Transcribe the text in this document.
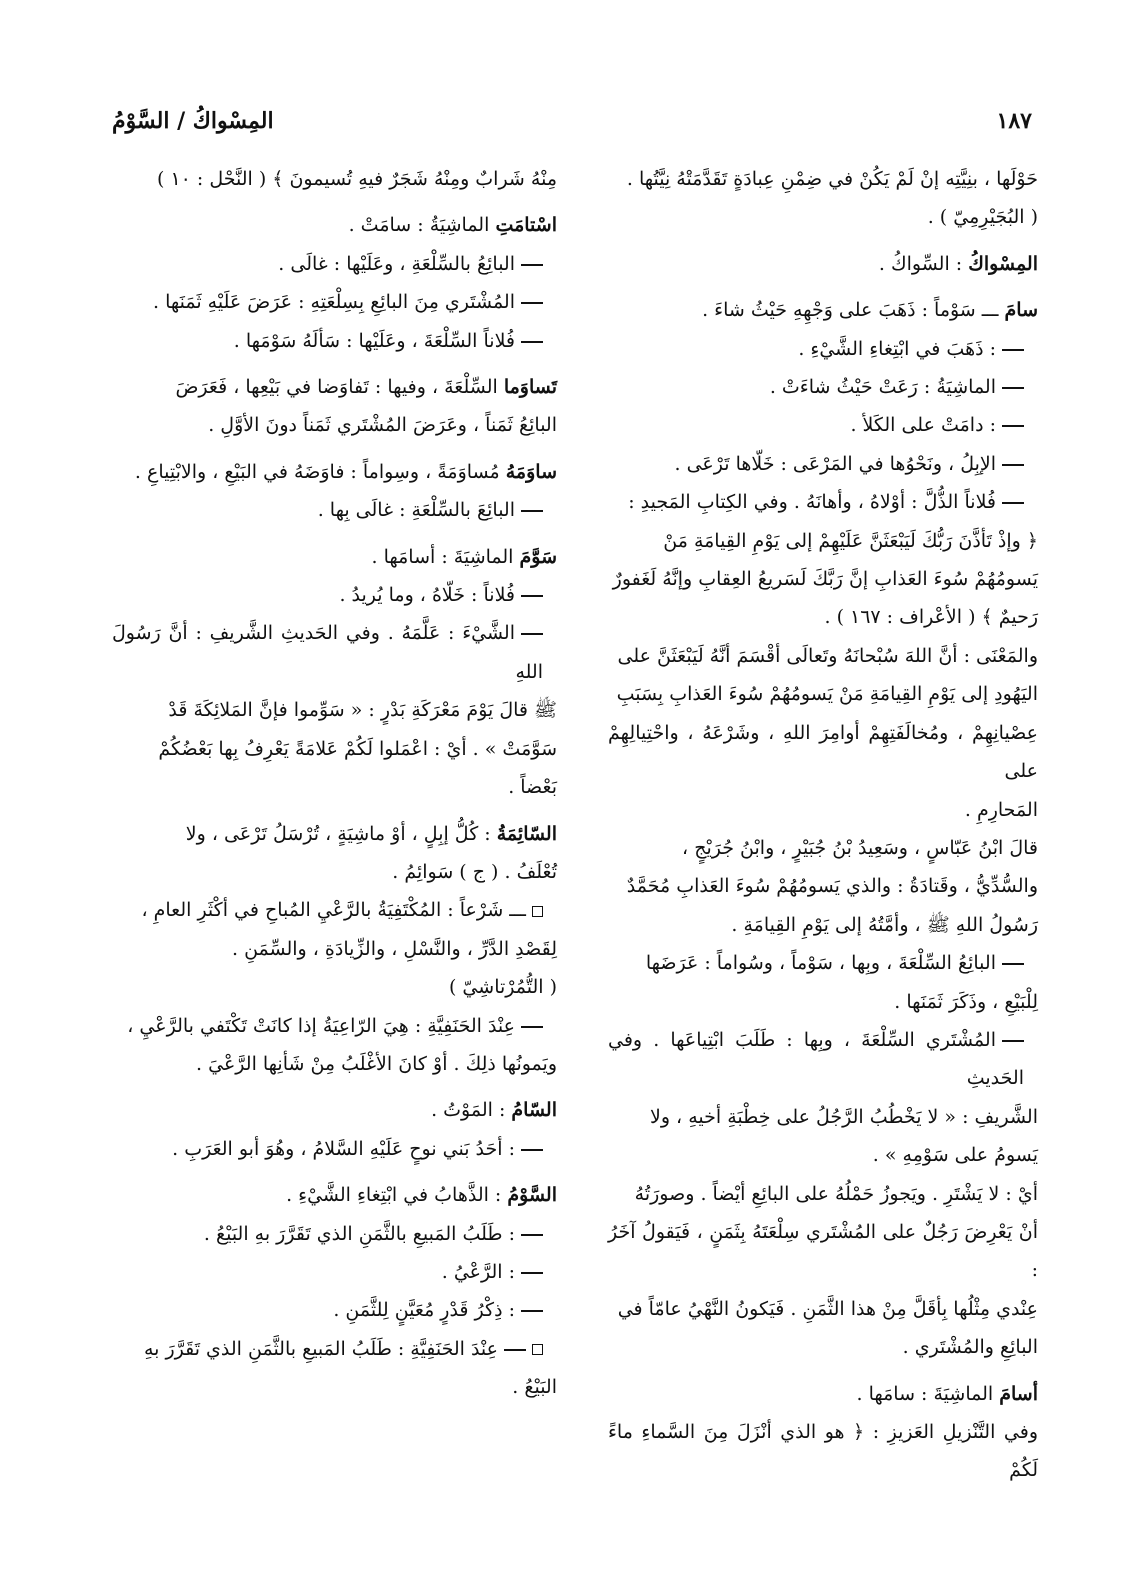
١٨٧
المِسْواكُ / السَّوْمُ
حَوْلَها ، بنِيَّتِه إنْ لَمْ يَكُنْ في ضِمْنِ عِبادَةٍ تَقَدَّمَتْهُ نِيَّتُها .
( البُجَيْرِمِيّ ) .
المِسْواكُ : السِّواكُ .
سامَ ـــ سَوْماً : ذَهَبَ على وَجْهِهِ حَيْثُ شاءَ .
: ذَهَبَ في ابْتِغاءِ الشَّيْءِ .
الماشِيَةُ : رَعَتْ حَيْثُ شاءَتْ .
: دامَتْ على الكَلأ .
الإبِلُ ، ونَحْوُها في المَرْعَى : خَلّاها تَرْعَى .
فُلاناً الذُّلَّ : أوْلاهُ ، وأهانَهُ . وفي الكِتابِ المَجيدِ :
﴿ وإذْ تَأذَّنَ رَبُّكَ لَيَبْعَثَنَّ عَلَيْهِمْ إلى يَوْمِ القِيامَةِ مَنْ
يَسومُهُمْ سُوءَ العَذابِ إنَّ رَبَّكَ لَسَريعُ العِقابِ وإنَّهُ لَغَفورٌ
رَحيمٌ ﴾ ( الأعْراف : ١٦٧ ) .
والمَعْنَى : أنَّ اللهَ سُبْحانَهُ وتَعالَى أقْسَمَ أنَّهُ لَيَبْعَثَنَّ على
اليَهُودِ إلى يَوْمِ القِيامَةِ مَنْ يَسومُهُمْ سُوءَ العَذابِ بِسَبَبِ
عِصْيانِهِمْ ، ومُخالَفَتِهِمْ أوامِرَ اللهِ ، وشَرْعَهُ ، واحْتِيالِهِمْ على
المَحارِمِ .
قالَ ابْنُ عَبّاسٍ ، وسَعِيدُ بْنُ جُبَيْرٍ ، وابْنُ جُرَيْجٍ ،
والسُّدِّيُّ ، وقَتادَةُ : والذي يَسومُهُمْ سُوءَ العَذابِ مُحَمَّدٌ
رَسُولُ اللهِ ﷺ ، وأمَّتُهُ إلى يَوْمِ القِيامَةِ .
البائِعُ السِّلْعَةَ ، وبِها ، سَوْماً ، وسُواماً : عَرَضَها
لِلْبَيْعِ ، وذَكَرَ ثَمَنَها .
المُشْتَري السِّلْعَةَ ، وبِها : طَلَبَ ابْتِياعَها . وفي الحَديثِ
الشَّريفِ : « لا يَخْطُبُ الرَّجُلُ على خِطْبَةِ أخيهِ ، ولا
يَسومُ على سَوْمِهِ » .
أيْ : لا يَشْتَرِ . ويَجوزُ حَمْلُهُ على البائِعِ أيْضاً . وصورَتُهُ
أنْ يَعْرِضَ رَجُلٌ على المُشْتَري سِلْعَتَهُ بِثَمَنٍ ، فَيَقولُ آخَرُ :
عِنْدي مِثْلُها بِأقَلَّ مِنْ هذا الثَّمَنِ . فَيَكونُ النَّهْيُ عامّاً في
البائِعِ والمُشْتَري .
أسامَ الماشِيَةَ : سامَها .
وفي التَّنْزيلِ العَزيزِ : ﴿ هو الذي أنْزَلَ مِنَ السَّماءِ ماءً لَكُمْ
مِنْهُ شَرابٌ ومِنْهُ شَجَرٌ فيهِ تُسيمونَ ﴾ ( النَّحْل : ١٠ )
اسْتامَتِ الماشِيَةُ : سامَتْ .
البائِعُ بالسِّلْعَةِ ، وعَلَيْها : غالَى .
المُشْتَري مِنَ البائِعِ بِسِلْعَتِهِ : عَرَضَ عَلَيْهِ ثَمَنَها .
فُلاناً السِّلْعَةَ ، وعَلَيْها : سَألَهُ سَوْمَها .
تَساوَما السِّلْعَةَ ، وفيها : تَفاوَضا في بَيْعِها ، فَعَرَضَ
البائِعُ ثَمَناً ، وعَرَضَ المُشْتَري ثَمَناً دونَ الأوَّلِ .
ساوَمَهُ مُساوَمَةً ، وسِواماً : فاوَضَهُ في البَيْعِ ، والابْتِياعِ .
البائِعَ بالسِّلْعَةِ : غالَى بِها .
سَوَّمَ الماشِيَةَ : أسامَها .
فُلاناً : خَلّاهُ ، وما يُريدُ .
الشَّيْءَ : عَلَّمَهُ . وفي الحَديثِ الشَّريفِ : أنَّ رَسُولَ اللهِ
ﷺ قالَ يَوْمَ مَعْرَكَةِ بَدْرٍ : « سَوِّموا فإنَّ المَلائِكَةَ قَدْ
سَوَّمَتْ » . أيْ : اعْمَلوا لَكُمْ عَلامَةً يَعْرِفُ بِها بَعْضُكُمْ
بَعْضاً .
السّائِمَةُ : كُلُّ إبِلٍ ، أوْ ماشِيَةٍ ، تُرْسَلُ تَرْعَى ، ولا
تُعْلَفُ . ( ج ) سَوائِمُ .
ـــ شَرْعاً : المُكْتَفِيَةُ بالرَّعْيِ المُباحِ في أكْثَرِ العامِ ،
لِقَصْدِ الدَّرِّ ، والنَّسْلِ ، والزِّيادَةِ ، والسِّمَنِ .
( التُّمُرْتاشِيّ )
عِنْدَ الحَنَفِيَّةِ : هِيَ الرّاعِيَةُ إذا كانَتْ تَكْتَفي بالرَّعْيِ ،
ويَمونُها ذلِكَ . أوْ كانَ الأغْلَبُ مِنْ شَأنِها الرَّعْيَ .
السّامُ : المَوْتُ .
: أحَدُ بَني نوحٍ عَلَيْهِ السَّلامُ ، وهُوَ أبو العَرَبِ .
السَّوْمُ : الذَّهابُ في ابْتِغاءِ الشَّيْءِ .
: طَلَبُ المَبيعِ بالثَّمَنِ الذي تَقَرَّرَ بهِ البَيْعُ .
: الرَّعْيُ .
: ذِكْرُ قَدْرٍ مُعَيَّنٍ لِلثَّمَنِ .
عِنْدَ الحَنَفِيَّةِ : طَلَبُ المَبيعِ بالثَّمَنِ الذي تَقَرَّرَ بهِ
البَيْعُ .
